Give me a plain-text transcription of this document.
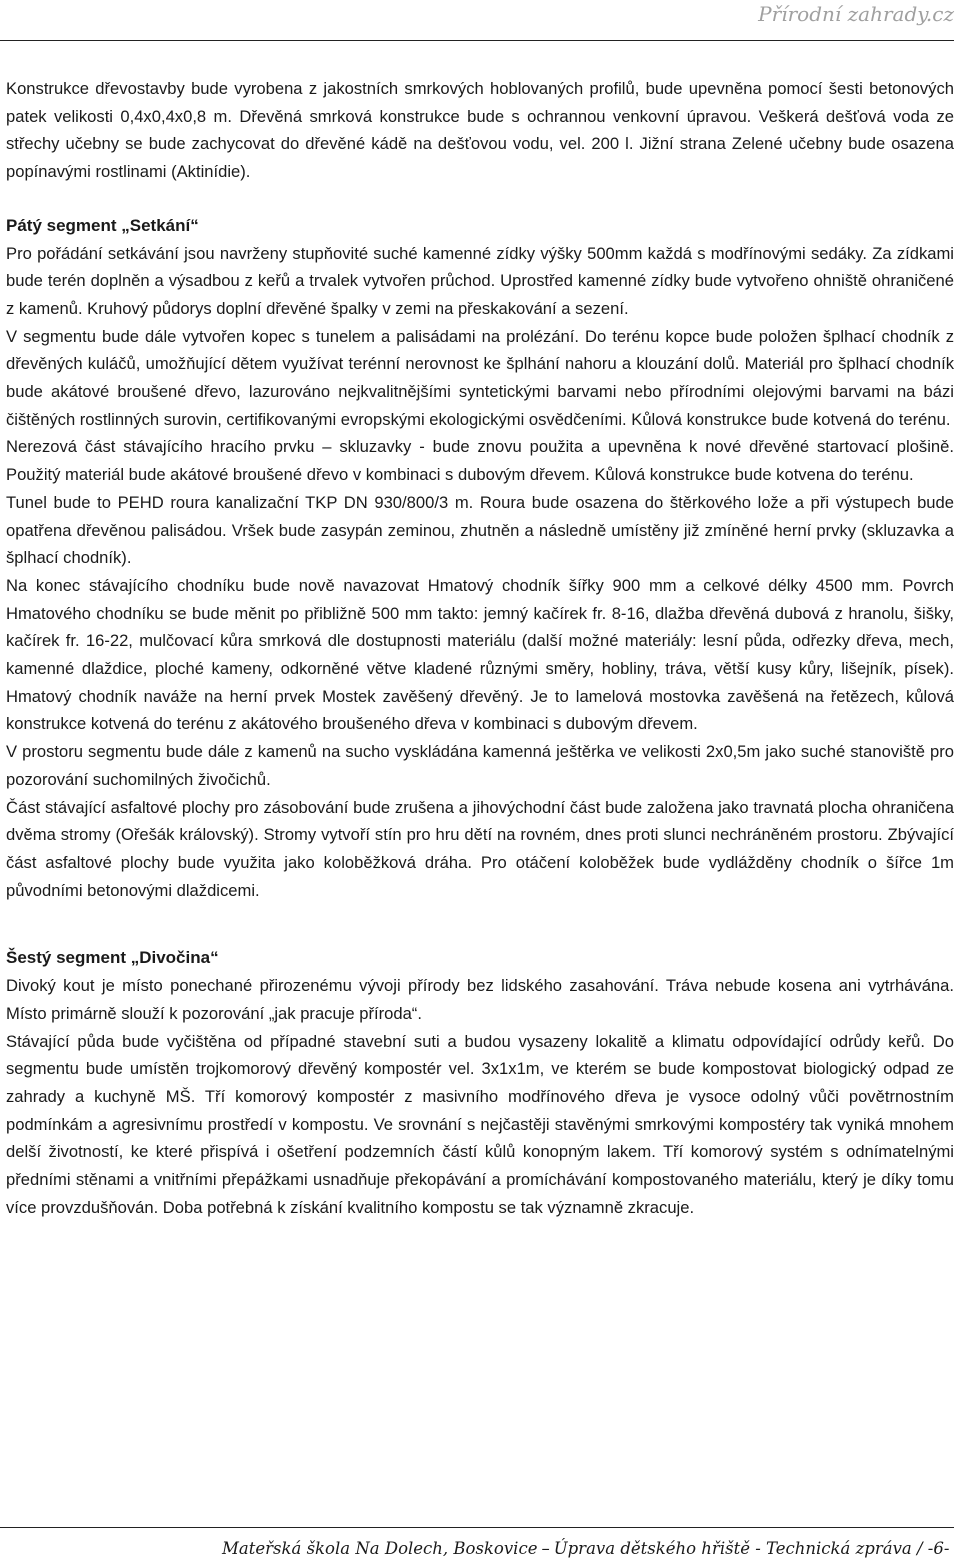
Přírodní zahrady.cz

Konstrukce dřevostavby bude vyrobena z jakostních smrkových hoblovaných profilů, bude upevněna pomocí šesti betonových patek velikosti 0,4x0,4x0,8 m. Dřevěná smrková konstrukce bude s ochrannou venkovní úpravou. Veškerá dešťová voda ze střechy učebny se bude zachycovat do dřevěné kádě na dešťovou vodu, vel. 200 l. Jižní strana Zelené učebny bude osazena popínavými rostlinami (Aktinídie).

Pátý segment „Setkání“

Pro pořádání setkávání jsou navrženy stupňovité suché kamenné zídky výšky 500mm každá s modřínovými sedáky. Za zídkami bude terén doplněn a výsadbou z keřů a trvalek vytvořen průchod. Uprostřed kamenné zídky bude vytvořeno ohniště ohraničené z kamenů. Kruhový půdorys doplní dřevěné špalky v zemi na přeskakování a sezení.

V segmentu bude dále vytvořen kopec s tunelem a palisádami na prolézání. Do terénu kopce bude položen šplhací chodník z dřevěných kuláčů, umožňující dětem využívat terénní nerovnost ke šplhání nahoru a klouzání dolů. Materiál pro šplhací chodník bude akátové broušené dřevo, lazurováno nejkvalitnějšími syntetickými barvami nebo přírodními olejovými barvami na bázi čištěných rostlinných surovin, certifikovanými evropskými ekologickými osvědčeními. Kůlová konstrukce bude kotvená do terénu.

Nerezová část stávajícího hracího prvku – skluzavky - bude znovu použita a upevněna k nové dřevěné startovací plošině. Použitý materiál bude akátové broušené dřevo v kombinaci s dubovým dřevem. Kůlová konstrukce bude kotvena do terénu.

Tunel bude to PEHD roura kanalizační TKP DN 930/800/3 m. Roura bude osazena do štěrkového lože a při výstupech bude opatřena dřevěnou palisádou. Vršek bude zasypán zeminou, zhutněn a následně umístěny již zmíněné herní prvky (skluzavka a šplhací chodník).

Na konec stávajícího chodníku bude nově navazovat Hmatový chodník šířky 900 mm a celkové délky 4500 mm. Povrch Hmatového chodníku se bude měnit po přibližně 500 mm takto: jemný kačírek fr. 8-16, dlažba dřevěná dubová z hranolu, šišky, kačírek fr. 16-22, mulčovací kůra smrková dle dostupnosti materiálu (další možné materiály: lesní půda, odřezky dřeva, mech, kamenné dlaždice, ploché kameny, odkorněné větve kladené různými směry, hobliny, tráva, větší kusy kůry, lišejník, písek). Hmatový chodník naváže na herní prvek Mostek zavěšený dřevěný. Je to lamelová mostovka zavěšená na řetězech, kůlová konstrukce kotvená do terénu z akátového broušeného dřeva v kombinaci s dubovým dřevem.

V prostoru segmentu bude dále z kamenů na sucho vyskládána kamenná ještěrka ve velikosti 2x0,5m jako suché stanoviště pro pozorování suchomilných živočichů.

Část stávající asfaltové plochy pro zásobování bude zrušena a jihovýchodní část bude založena jako travnatá plocha ohraničena dvěma stromy (Ořešák královský). Stromy vytvoří stín pro hru dětí na rovném, dnes proti slunci nechráněném prostoru. Zbývající část asfaltové plochy bude využita jako koloběžková dráha. Pro otáčení koloběžek bude vydlážděny chodník o šířce 1m původními betonovými dlaždicemi.

Šestý segment „Divočina“

Divoký kout je místo ponechané přirozenému vývoji přírody bez lidského zasahování. Tráva nebude kosena ani vytrhávána. Místo primárně slouží k pozorování „jak pracuje příroda“.

Stávající půda bude vyčištěna od případné stavební suti a budou vysazeny lokalitě a klimatu odpovídající odrůdy keřů. Do segmentu bude umístěn trojkomorový dřevěný kompostér vel. 3x1x1m, ve kterém se bude kompostovat biologický odpad ze zahrady a kuchyně MŠ. Tří komorový kompostér z masivního modřínového dřeva je vysoce odolný vůči povětrnostním podmínkám a agresivnímu prostředí v kompostu. Ve srovnání s nejčastěji stavěnými smrkovými kompostéry tak vyniká mnohem delší životností, ke které přispívá i ošetření podzemních částí kůlů konopným lakem. Tří komorový systém s odnímatelnými předními stěnami a vnitřními přepážkami usnadňuje překopávání a promíchávání kompostovaného materiálu, který je díky tomu více provzdušňován. Doba potřebná k získání kvalitního kompostu se tak významně zkracuje.

Mateřská škola Na Dolech, Boskovice – Úprava dětského hřiště - Technická zpráva / -6-
